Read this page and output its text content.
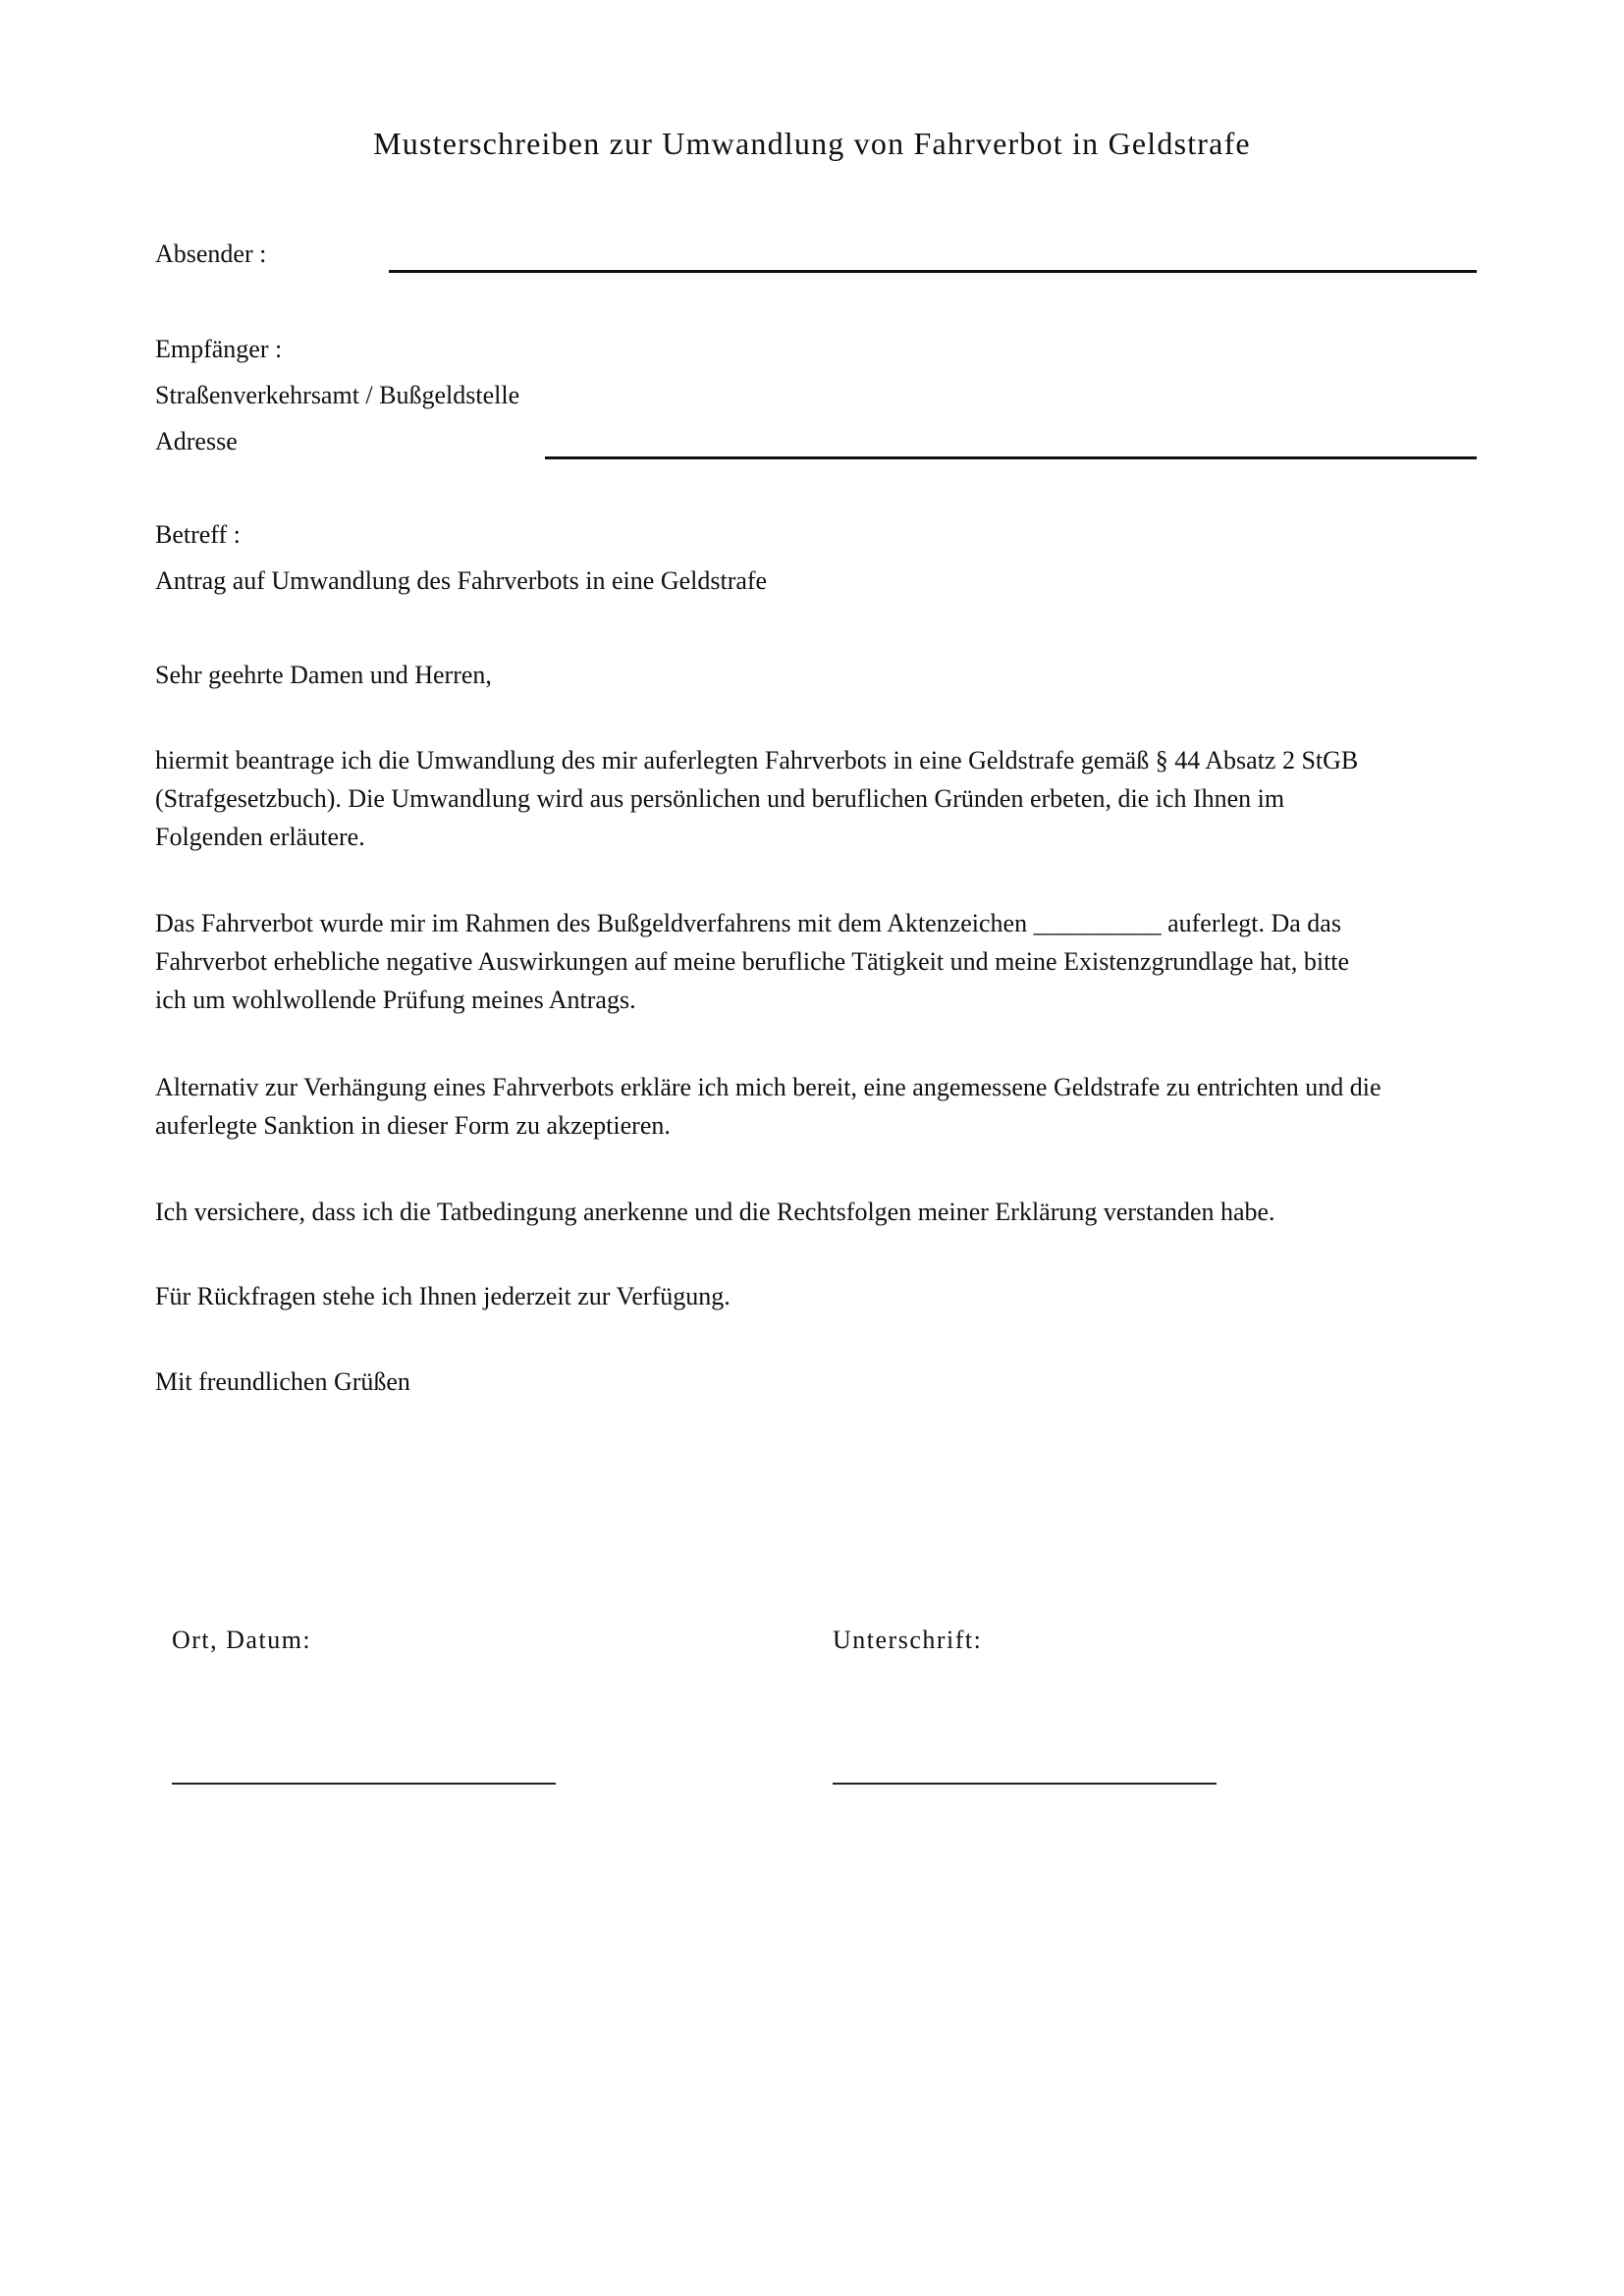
Musterschreiben zur Umwandlung von Fahrverbot in Geldstrafe
Absender :
Empfänger :
Straßenverkehrsamt / Bußgeldstelle
Adresse
Betreff :
Antrag auf Umwandlung des Fahrverbots in eine Geldstrafe
Sehr geehrte Damen und Herren,
hiermit beantrage ich die Umwandlung des mir auferlegten Fahrverbots in eine Geldstrafe gemäß § 44 Absatz 2 StGB
(Strafgesetzbuch). Die Umwandlung wird aus persönlichen und beruflichen Gründen erbeten, die ich Ihnen im
Folgenden erläutere.
Das Fahrverbot wurde mir im Rahmen des Bußgeldverfahrens mit dem Aktenzeichen __________ auferlegt. Da das
Fahrverbot erhebliche negative Auswirkungen auf meine berufliche Tätigkeit und meine Existenzgrundlage hat, bitte
ich um wohlwollende Prüfung meines Antrags.
Alternativ zur Verhängung eines Fahrverbots erkläre ich mich bereit, eine angemessene Geldstrafe zu entrichten und die
auferlegte Sanktion in dieser Form zu akzeptieren.
Ich versichere, dass ich die Tatbedingung anerkenne und die Rechtsfolgen meiner Erklärung verstanden habe.
Für Rückfragen stehe ich Ihnen jederzeit zur Verfügung.
Mit freundlichen Grüßen
Ort, Datum:	Unterschrift:
